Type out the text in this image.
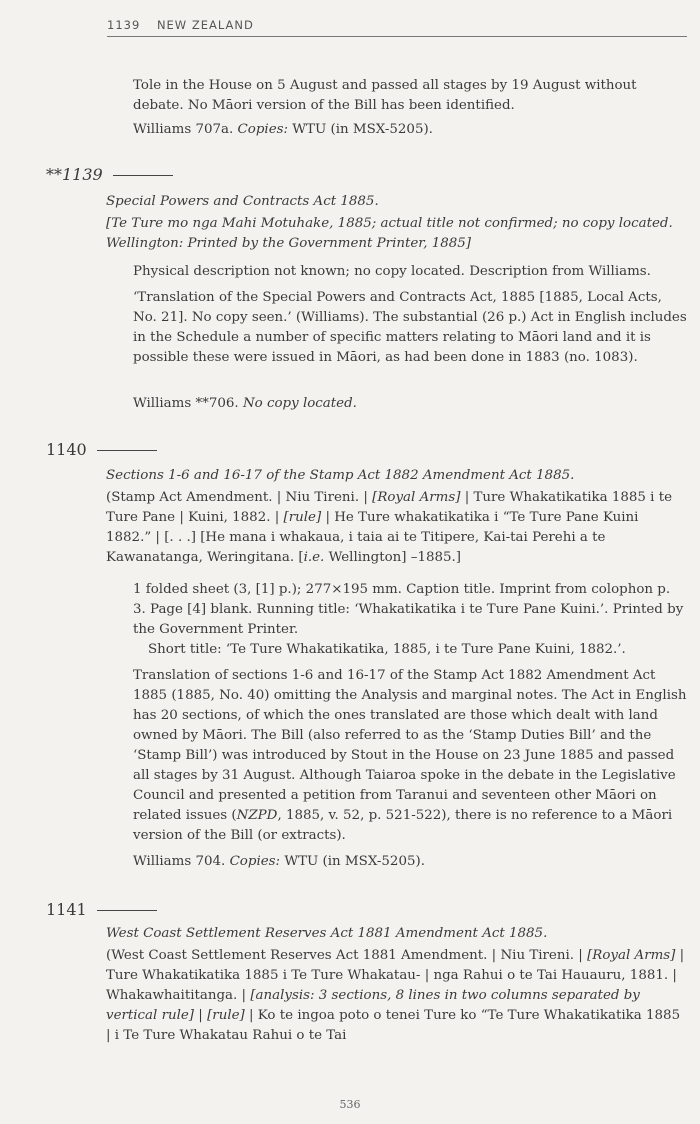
1139 NEW ZEALAND

Tole in the House on 5 August and passed all stages by 19 August without debate. No Māori version of the Bill has been identified.

Williams 707a. Copies: WTU (in MSX-5205).
**1139
Special Powers and Contracts Act 1885.
[Te Ture mo nga Mahi Motuhake, 1885; actual title not confirmed; no copy located. Wellington: Printed by the Government Printer, 1885]
Physical description not known; no copy located. Description from Williams.
‘Translation of the Special Powers and Contracts Act, 1885 [1885, Local Acts, No. 21]. No copy seen.’ (Williams). The substantial (26 p.) Act in English includes in the Schedule a number of specific matters relating to Māori land and it is possible these were issued in Māori, as had been done in 1883 (no. 1083).
Williams **706. No copy located.
1140
Sections 1-6 and 16-17 of the Stamp Act 1882 Amendment Act 1885.
(Stamp Act Amendment. | Niu Tireni. | [Royal Arms] | Ture Whakatikatika 1885 i te Ture Pane | Kuini, 1882. | [rule] | He Ture whakatikatika i “Te Ture Pane Kuini 1882.” | [. . .] [He mana i whakaua, i taia ai te Titipere, Kai-tai Perehi a te Kawanatanga, Weringitana. [i.e. Wellington] –1885.]
1 folded sheet (3, [1] p.); 277×195 mm. Caption title. Imprint from colophon p. 3. Page [4] blank. Running title: ‘Whakatikatika i te Ture Pane Kuini.’. Printed by the Government Printer.
Short title: ‘Te Ture Whakatikatika, 1885, i te Ture Pane Kuini, 1882.’.
Translation of sections 1-6 and 16-17 of the Stamp Act 1882 Amendment Act 1885 (1885, No. 40) omitting the Analysis and marginal notes. The Act in English has 20 sections, of which the ones translated are those which dealt with land owned by Māori. The Bill (also referred to as the ‘Stamp Duties Bill’ and the ‘Stamp Bill’) was introduced by Stout in the House on 23 June 1885 and passed all stages by 31 August. Although Taiaroa spoke in the debate in the Legislative Council and presented a petition from Taranui and seventeen other Māori on related issues (NZPD, 1885, v. 52, p. 521-522), there is no reference to a Māori version of the Bill (or extracts).
Williams 704. Copies: WTU (in MSX-5205).
1141
West Coast Settlement Reserves Act 1881 Amendment Act 1885.
(West Coast Settlement Reserves Act 1881 Amendment. | Niu Tireni. | [Royal Arms] | Ture Whakatikatika 1885 i Te Ture Whakatau- | nga Rahui o te Tai Hauauru, 1881. | Whakawhaititanga. | [analysis: 3 sections, 8 lines in two columns separated by vertical rule] | [rule] | Ko te ingoa poto o tenei Ture ko “Te Ture Whakatikatika 1885 | i Te Ture Whakatau Rahui o te Tai
536
